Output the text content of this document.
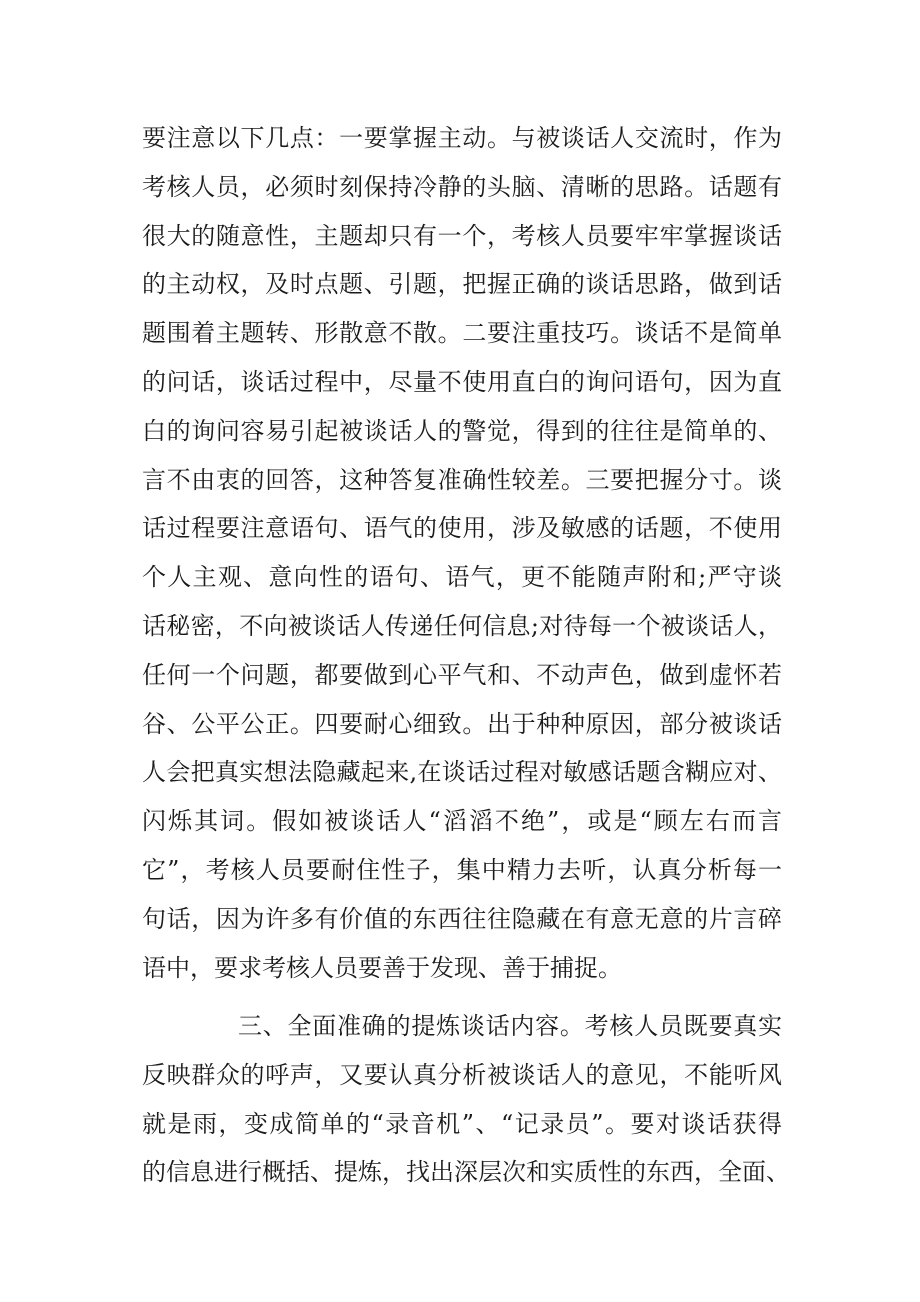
要注意以下几点：一要掌握主动。与被谈话人交流时，作为
考核人员，必须时刻保持冷静的头脑、清晰的思路。话题有
很大的随意性，主题却只有一个，考核人员要牢牢掌握谈话
的主动权，及时点题、引题，把握正确的谈话思路，做到话
题围着主题转、形散意不散。二要注重技巧。谈话不是简单
的问话，谈话过程中，尽量不使用直白的询问语句，因为直
白的询问容易引起被谈话人的警觉，得到的往往是简单的、
言不由衷的回答，这种答复准确性较差。三要把握分寸。谈
话过程要注意语句、语气的使用，涉及敏感的话题，不使用
个人主观、意向性的语句、语气，更不能随声附和;严守谈
话秘密，不向被谈话人传递任何信息;对待每一个被谈话人，
任何一个问题，都要做到心平气和、不动声色，做到虚怀若
谷、公平公正。四要耐心细致。出于种种原因，部分被谈话
人会把真实想法隐藏起来,在谈话过程对敏感话题含糊应对、
闪烁其词。假如被谈话人“滔滔不绝”，或是“顾左右而言
它”，考核人员要耐住性子，集中精力去听，认真分析每一
句话，因为许多有价值的东西往往隐藏在有意无意的片言碎
语中，要求考核人员要善于发现、善于捕捉。
三、全面准确的提炼谈话内容。考核人员既要真实
反映群众的呼声，又要认真分析被谈话人的意见，不能听风
就是雨，变成简单的“录音机”、“记录员”。要对谈话获得
的信息进行概括、提炼，找出深层次和实质性的东西，全面、
